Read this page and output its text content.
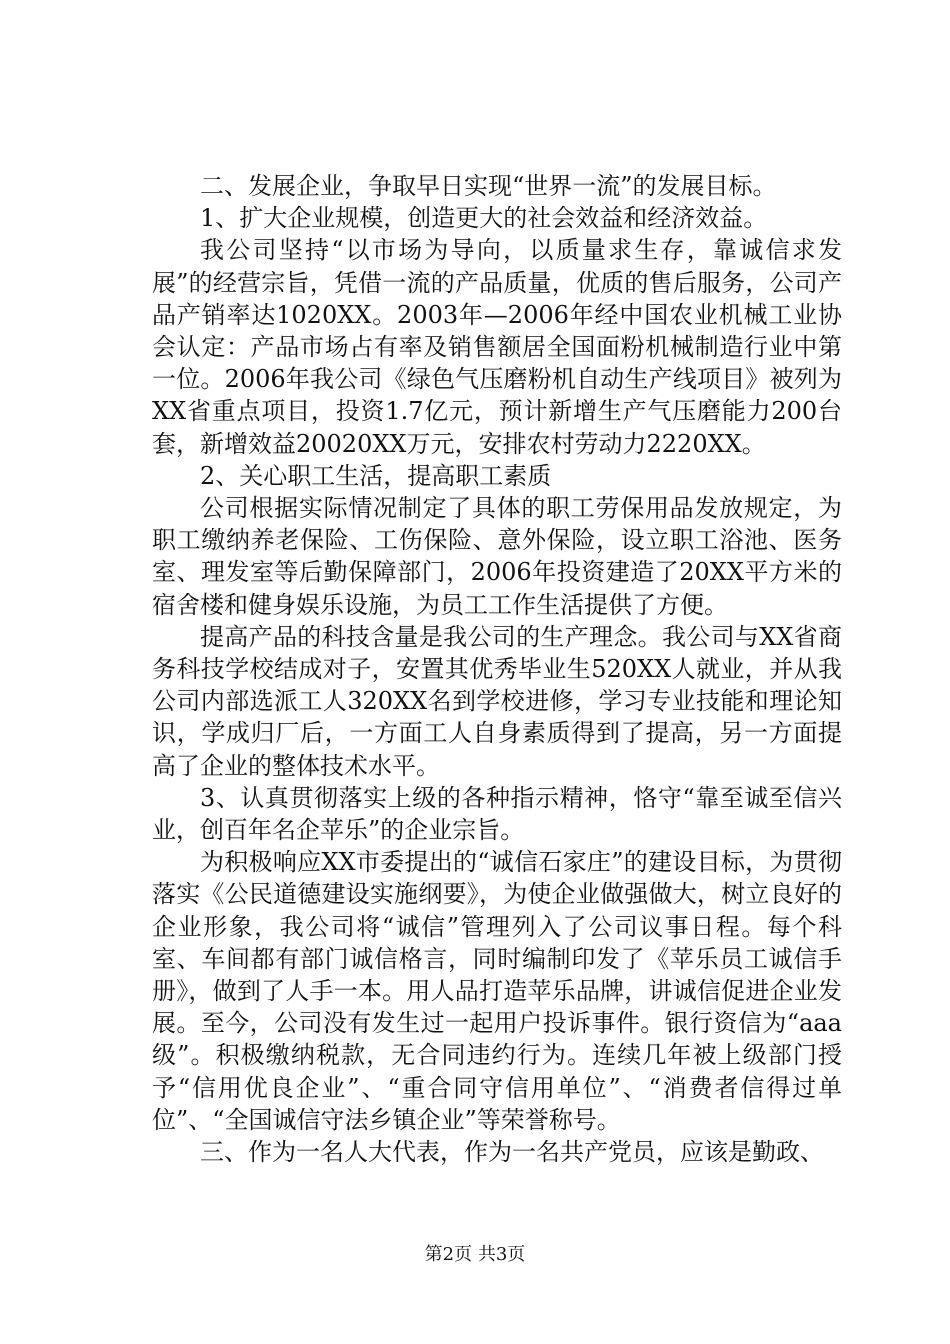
二、发展企业，争取早日实现“世界一流”的发展目标。

1、扩大企业规模，创造更大的社会效益和经济效益。

我公司坚持“以市场为导向，以质量求生存，靠诚信求发展”的经营宗旨，凭借一流的产品质量，优质的售后服务，公司产品产销率达1020XX。2003年—2006年经中国农业机械工业协会认定：产品市场占有率及销售额居全国面粉机械制造行业中第一位。2006年我公司《绿色气压磨粉机自动生产线项目》被列为XX省重点项目，投资1.7亿元，预计新增生产气压磨能力200台套，新增效益20020XX万元，安排农村劳动力2220XX。

2、关心职工生活，提高职工素质

公司根据实际情况制定了具体的职工劳保用品发放规定，为职工缴纳养老保险、工伤保险、意外保险，设立职工浴池、医务室、理发室等后勤保障部门，2006年投资建造了20XX平方米的宿舍楼和健身娱乐设施，为员工工作生活提供了方便。

提高产品的科技含量是我公司的生产理念。我公司与XX省商务科技学校结成对子，安置其优秀毕业生520XX人就业，并从我公司内部选派工人320XX名到学校进修，学习专业技能和理论知识，学成归厂后，一方面工人自身素质得到了提高，另一方面提高了企业的整体技术水平。

3、认真贯彻落实上级的各种指示精神，恪守“靠至诚至信兴业，创百年名企苹乐”的企业宗旨。

为积极响应XX市委提出的“诚信石家庄”的建设目标，为贯彻落实《公民道德建设实施纲要》，为使企业做强做大，树立良好的企业形象，我公司将“诚信”管理列入了公司议事日程。每个科室、车间都有部门诚信格言，同时编制印发了《苹乐员工诚信手册》，做到了人手一本。用人品打造苹乐品牌，讲诚信促进企业发展。至今，公司没有发生过一起用户投诉事件。银行资信为“aaa级”。积极缴纳税款，无合同违约行为。连续几年被上级部门授予“信用优良企业”、“重合同守信用单位”、“消费者信得过单位”、“全国诚信守法乡镇企业”等荣誉称号。

三、作为一名人大代表，作为一名共产党员，应该是勤政、

第2页 共3页
